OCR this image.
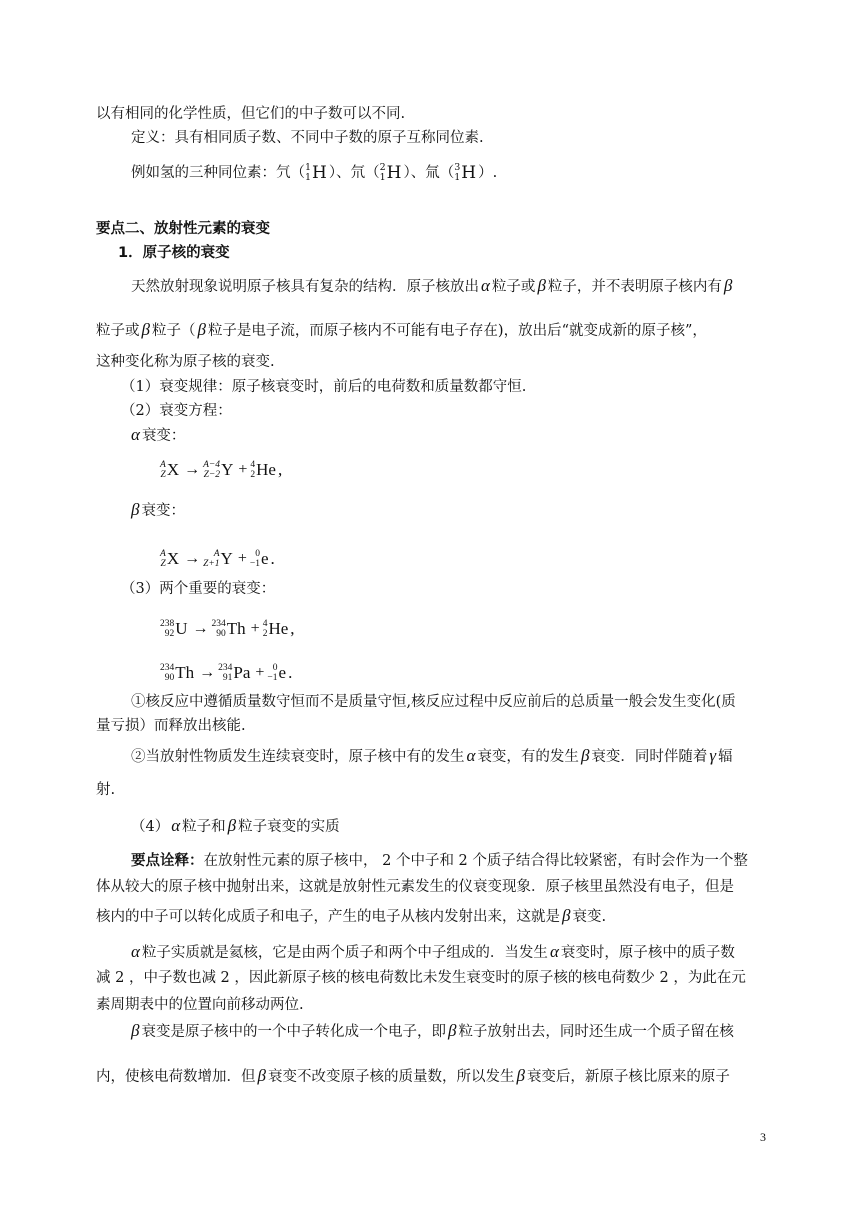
以有相同的化学性质，但它们的中子数可以不同.
定义：具有相同质子数、不同中子数的原子互称同位素.
例如氢的三种同位素：氕（ 1
1 H ）、氘（ 2
1 H ）、氚（ 3
1 H ）.
要点二、放射性元素的衰变
1．原子核的衰变
天然放射现象说明原子核具有复杂的结构．原子核放出 α 粒子或 β 粒子，并不表明原子核内有 β
粒子或 β 粒子（ β 粒子是电子流，而原子核内不可能有电子存在)，放出后“就变成新的原子核”，
这种变化称为原子核的衰变.
（1）衰变规律：原子核衰变时，前后的电荷数和质量数都守恒.
（2）衰变方程：
α 衰变：
A
Z X → A−4
Z−2 Y + 4
2 He ,
β 衰变：
A
Z X → A
Z+1 Y + 0
−1 e .
（3）两个重要的衰变：
238
92 U → 234
90 Th + 4
2 He ,
234
90 Th → 234
91 Pa + 0
−1 e .
①核反应中遵循质量数守恒而不是质量守恒,核反应过程中反应前后的总质量一般会发生变化(质
量亏损）而释放出核能.
②当放射性物质发生连续衰变时，原子核中有的发生 α 衰变，有的发生 β 衰变．同时伴随着 γ 辐
射.
（4） α 粒子和 β 粒子衰变的实质
要点诠释：在放射性元素的原子核中， 2 个中子和 2 个质子结合得比较紧密，有时会作为一个整
体从较大的原子核中抛射出来，这就是放射性元素发生的仪衰变现象．原子核里虽然没有电子，但是
核内的中子可以转化成质子和电子，产生的电子从核内发射出来，这就是 β 衰变.
α 粒子实质就是氦核，它是由两个质子和两个中子组成的．当发生 α 衰变时，原子核中的质子数
减 2 ，中子数也减 2 ，因此新原子核的核电荷数比未发生衰变时的原子核的核电荷数少 2 ，为此在元
素周期表中的位置向前移动两位.
β 衰变是原子核中的一个中子转化成一个电子，即 β 粒子放射出去，同时还生成一个质子留在核
内，使核电荷数增加．但 β 衰变不改变原子核的质量数，所以发生 β 衰变后，新原子核比原来的原子
3
